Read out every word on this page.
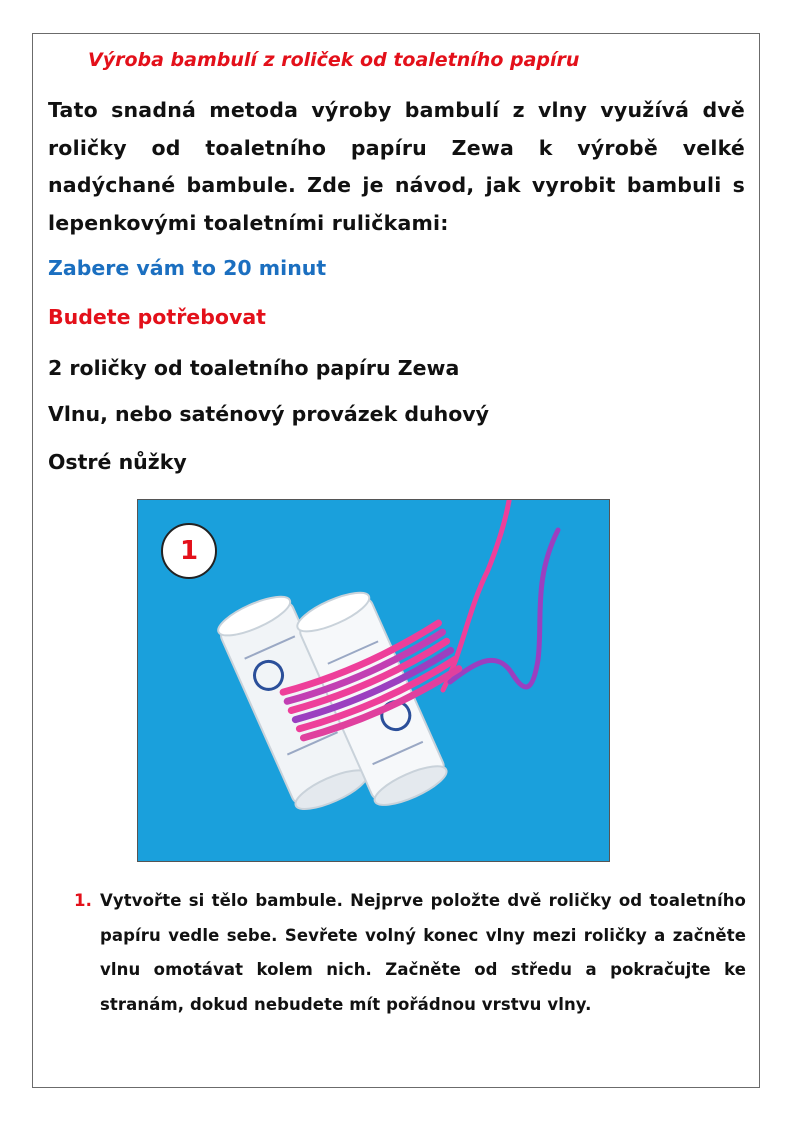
Výroba bambulí z roliček od toaletního papíru

Tato snadná metoda výroby bambulí z vlny využívá dvě roličky od toaletního papíru Zewa k výrobě velké nadýchané bambule. Zde je návod, jak vyrobit bambuli s lepenkovými toaletními ruličkami:

Zabere vám to 20 minut

Budete potřebovat

2 roličky od toaletního papíru Zewa

Vlnu, nebo saténový provázek duhový

Ostré nůžky

1
1. Vytvořte si tělo bambule. Nejprve položte dvě roličky od toaletního papíru vedle sebe. Sevřete volný konec vlny mezi roličky a začněte vlnu omotávat kolem nich. Začněte od středu a pokračujte ke stranám, dokud nebudete mít pořádnou vrstvu vlny.
